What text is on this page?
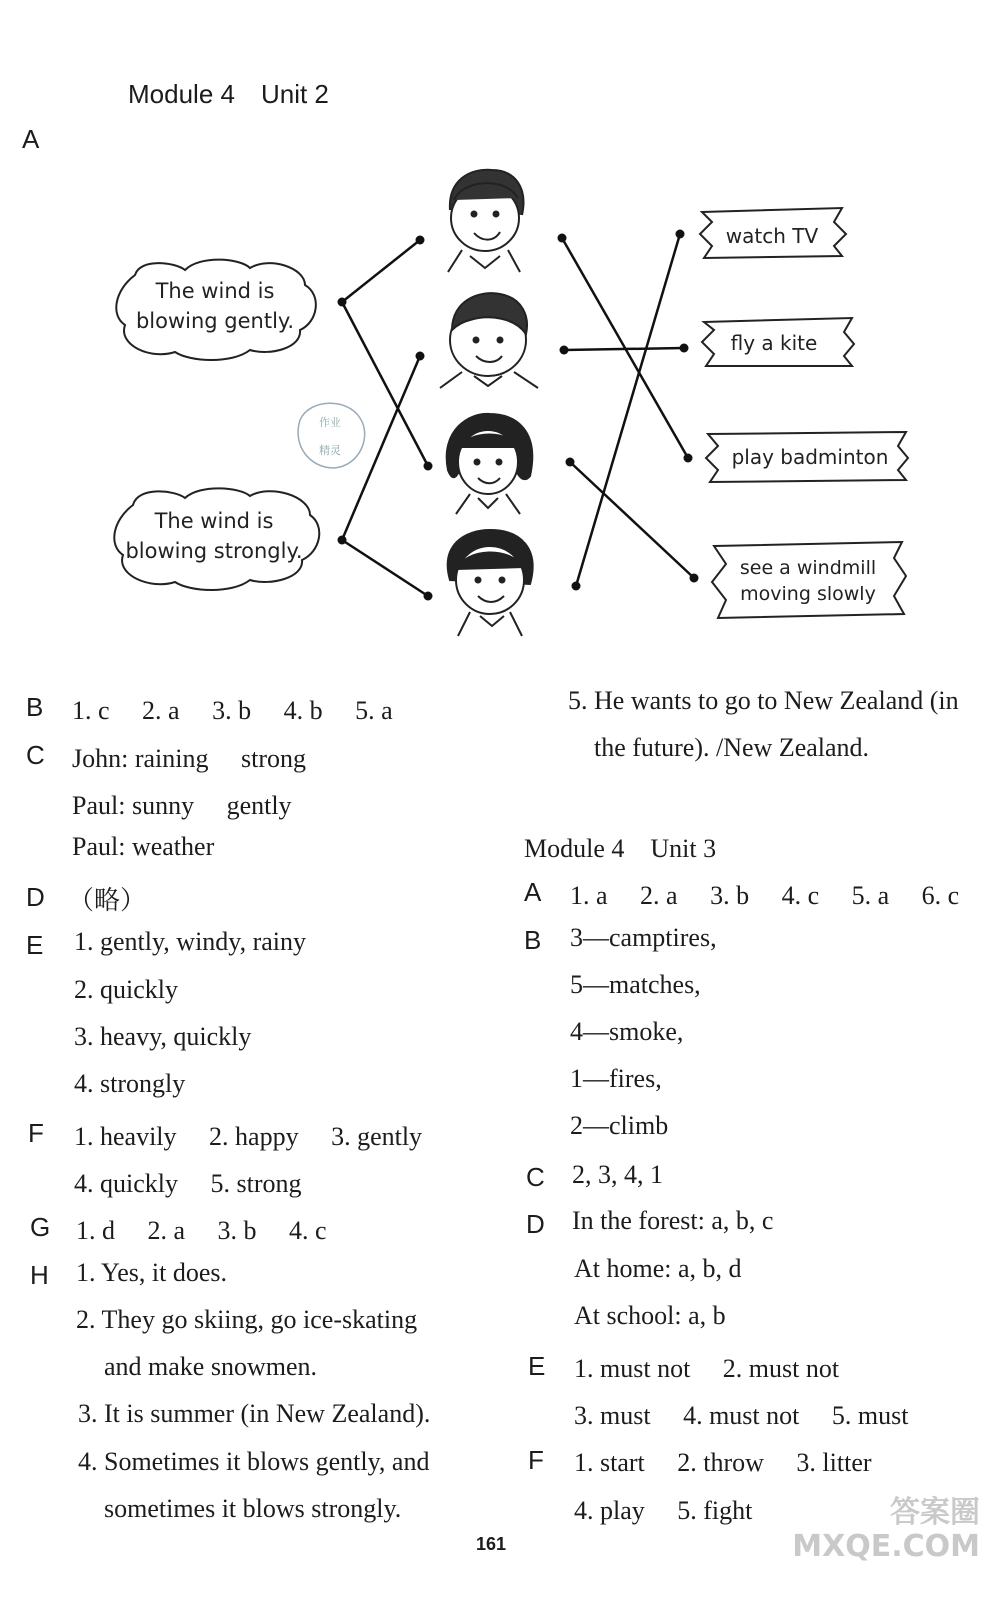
Module 4　Unit 2
A
The wind is
blowing gently.
The wind is
blowing strongly.
作业
精灵
watch TV
fly a kite
play badminton
see a windmill
moving slowly
B 1. c　 2. a　 3. b　 4. b　 5. a
C John: raining　 strong
Paul: sunny　 gently
Paul: weather
D （略）
E 1. gently, windy, rainy
2. quickly
3. heavy, quickly
4. strongly
F 1. heavily　 2. happy　 3. gently
4. quickly　 5. strong
G 1. d　 2. a　 3. b　 4. c
H 1. Yes, it does.
2. They go skiing, go ice-skating
and make snowmen.
3. It is summer (in New Zealand).
4. Sometimes it blows gently, and
sometimes it blows strongly.
5. He wants to go to New Zealand (in
the future). /New Zealand.
Module 4　Unit 3
A 1. a　 2. a　 3. b　 4. c　 5. a　 6. c
B 3—camptires,
5—matches,
4—smoke,
1—fires,
2—climb
C 2, 3, 4, 1
D In the forest: a, b, c
At home: a, b, d
At school: a, b
E 1. must not　 2. must not
3. must　 4. must not　 5. must
F 1. start　 2. throw　 3. litter
4. play　 5. fight
161
答案圈 MXQE.COM
